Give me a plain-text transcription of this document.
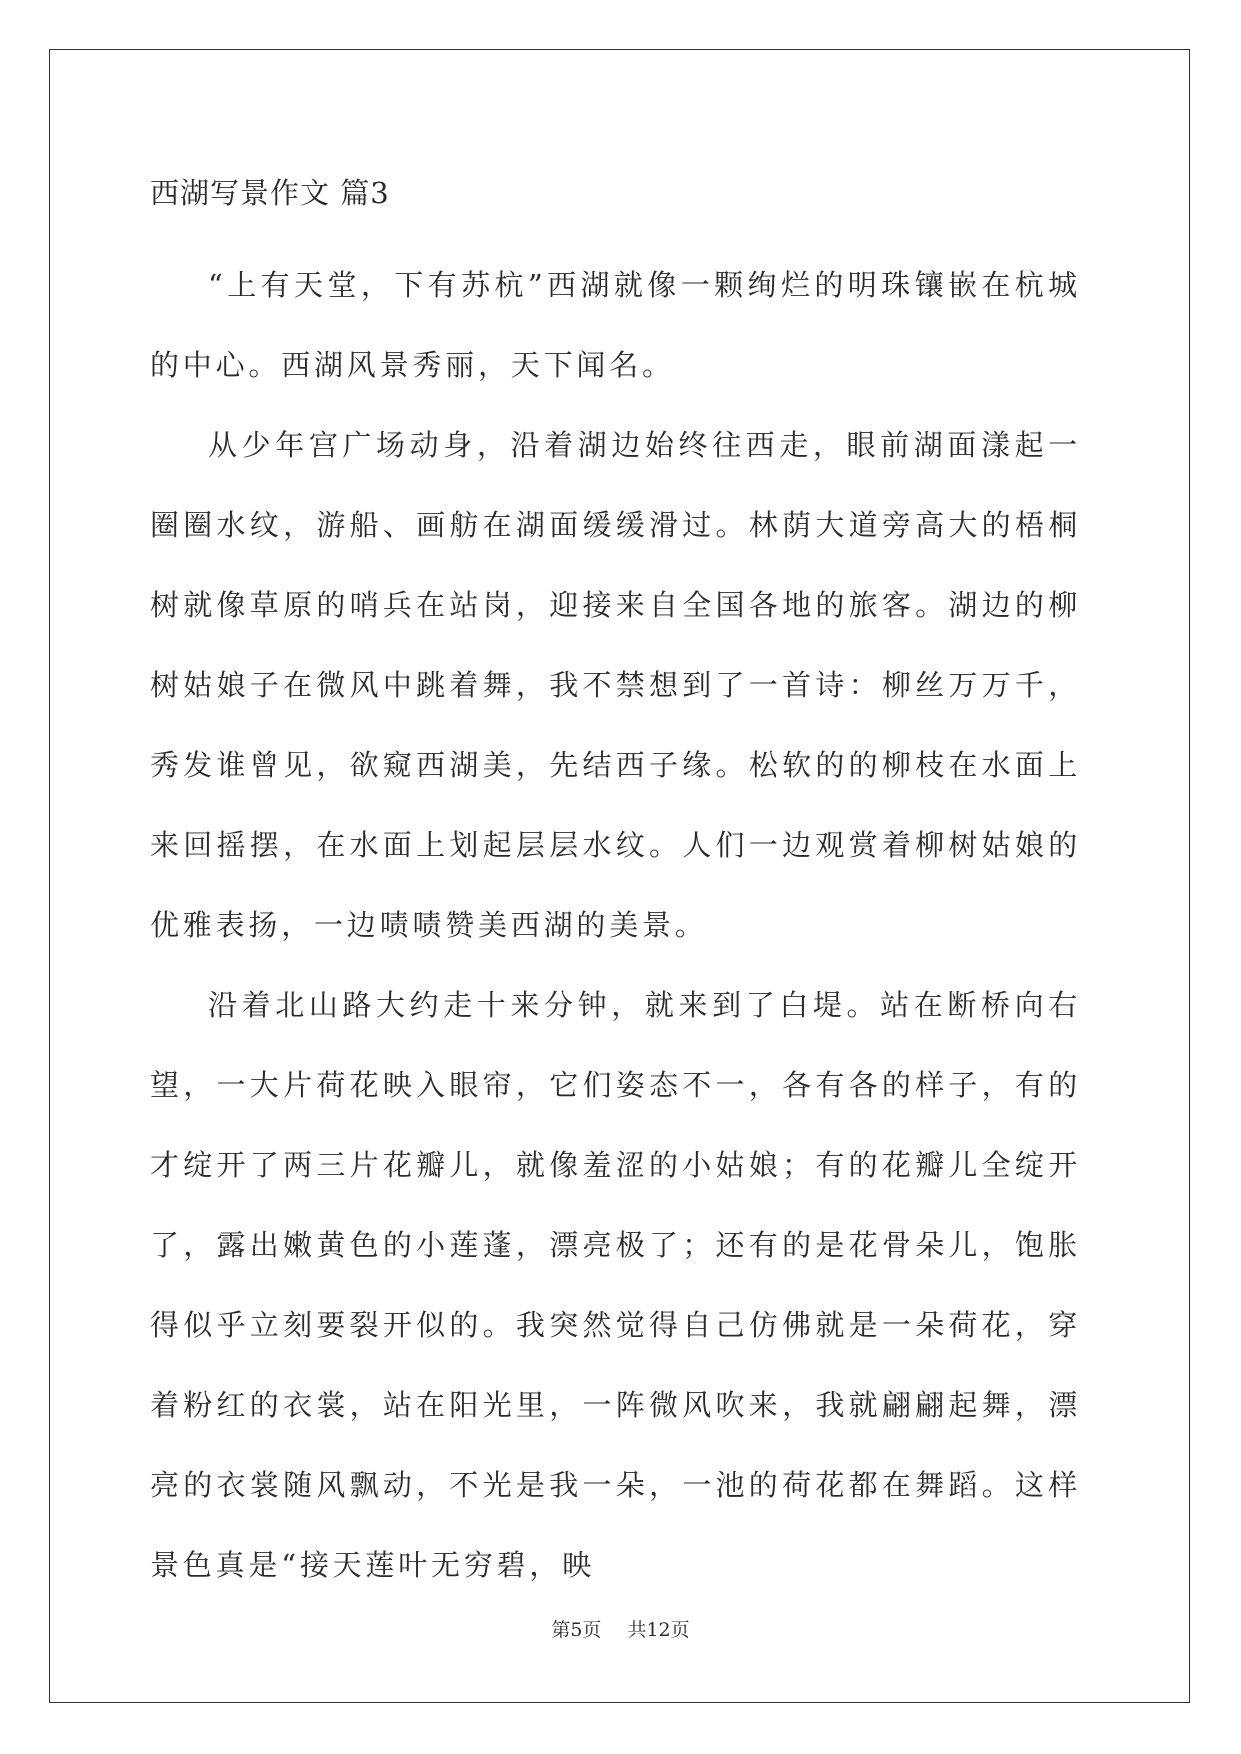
西湖写景作文 篇3

“上有天堂，下有苏杭”西湖就像一颗绚烂的明珠镶嵌在杭城的中心。西湖风景秀丽，天下闻名。

从少年宫广场动身，沿着湖边始终往西走，眼前湖面漾起一圈圈水纹，游船、画舫在湖面缓缓滑过。林荫大道旁高大的梧桐树就像草原的哨兵在站岗，迎接来自全国各地的旅客。湖边的柳树姑娘子在微风中跳着舞，我不禁想到了一首诗：柳丝万万千，秀发谁曾见，欲窥西湖美，先结西子缘。松软的的柳枝在水面上来回摇摆，在水面上划起层层水纹。人们一边观赏着柳树姑娘的优雅表扬，一边啧啧赞美西湖的美景。

沿着北山路大约走十来分钟，就来到了白堤。站在断桥向右望，一大片荷花映入眼帘，它们姿态不一，各有各的样子，有的才绽开了两三片花瓣儿，就像羞涩的小姑娘；有的花瓣儿全绽开了，露出嫩黄色的小莲蓬，漂亮极了；还有的是花骨朵儿，饱胀得似乎立刻要裂开似的。我突然觉得自己仿佛就是一朵荷花，穿着粉红的衣裳，站在阳光里，一阵微风吹来，我就翩翩起舞，漂亮的衣裳随风飘动，不光是我一朵，一池的荷花都在舞蹈。这样景色真是“接天莲叶无穷碧，映

第5页 共12页
